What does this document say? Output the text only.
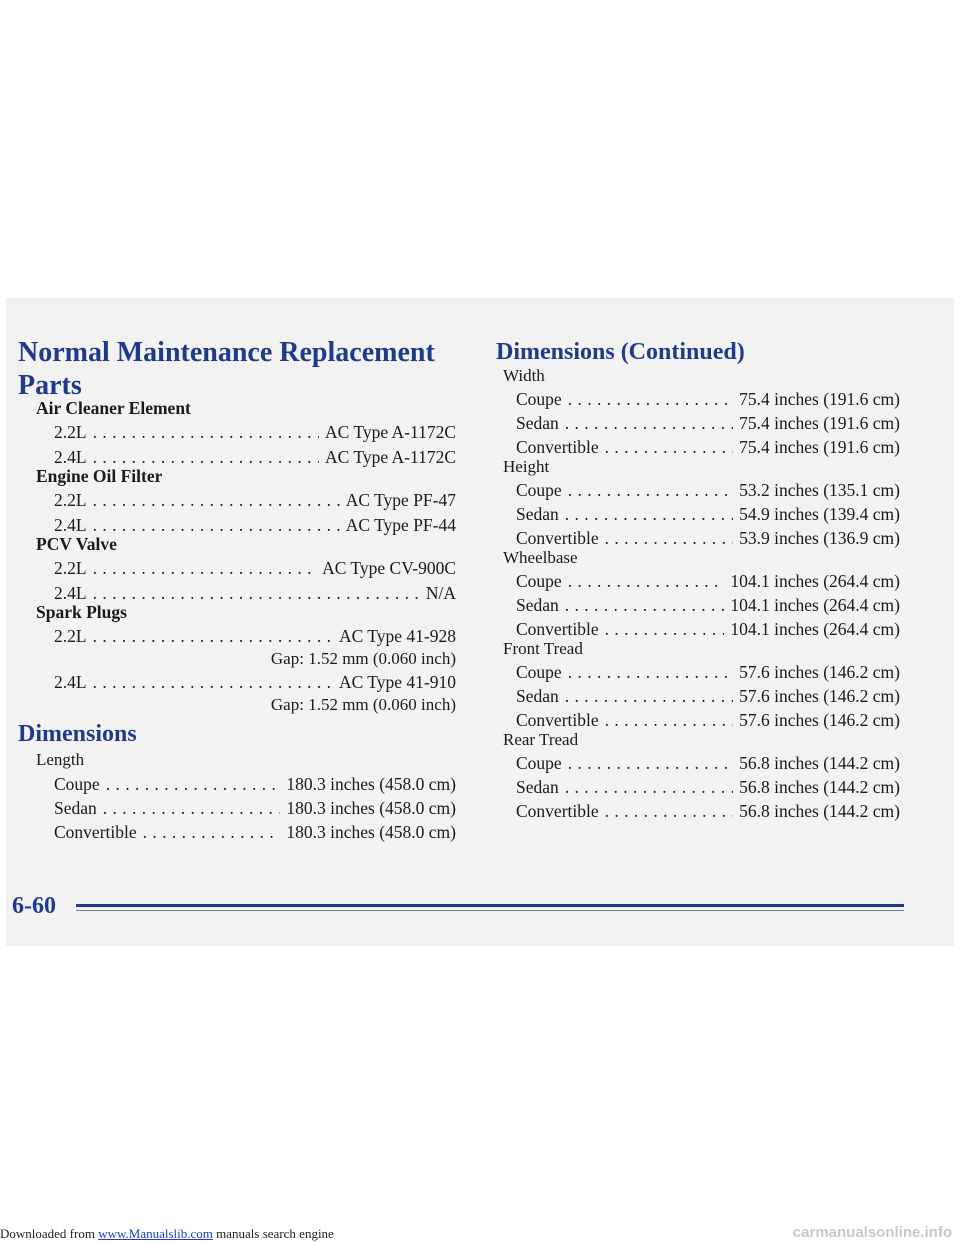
Normal Maintenance Replacement
Parts
Air Cleaner Element
2.2L . . .	AC Type A-1172C
2.4L . . .	AC Type A-1172C
Engine Oil Filter
2.2L . . .	AC Type PF-47
2.4L . . .	AC Type PF-44
PCV Valve
2.2L . . .	AC Type CV-900C
2.4L . . .	N/A
Spark Plugs
2.2L . . .	AC Type 41-928
Gap: 1.52 mm (0.060 inch)
2.4L . . .	AC Type 41-910
Gap: 1.52 mm (0.060 inch)
Dimensions
Length
Coupe . . .	180.3 inches (458.0 cm)
Sedan . . .	180.3 inches (458.0 cm)
Convertible . . .	180.3 inches (458.0 cm)
Dimensions (Continued)
Width
Coupe . . .	75.4 inches (191.6 cm)
Sedan . . .	75.4 inches (191.6 cm)
Convertible . . .	75.4 inches (191.6 cm)
Height
Coupe . . .	53.2 inches (135.1 cm)
Sedan . . .	54.9 inches (139.4 cm)
Convertible . . .	53.9 inches (136.9 cm)
Wheelbase
Coupe . . .	104.1 inches (264.4 cm)
Sedan . . .	104.1 inches (264.4 cm)
Convertible . . .	104.1 inches (264.4 cm)
Front Tread
Coupe . . .	57.6 inches (146.2 cm)
Sedan . . .	57.6 inches (146.2 cm)
Convertible . . .	57.6 inches (146.2 cm)
Rear Tread
Coupe . . .	56.8 inches (144.2 cm)
Sedan . . .	56.8 inches (144.2 cm)
Convertible . . .	56.8 inches (144.2 cm)
6-60
Downloaded from www.Manualslib.com manuals search engine	carmanualsonline.info
